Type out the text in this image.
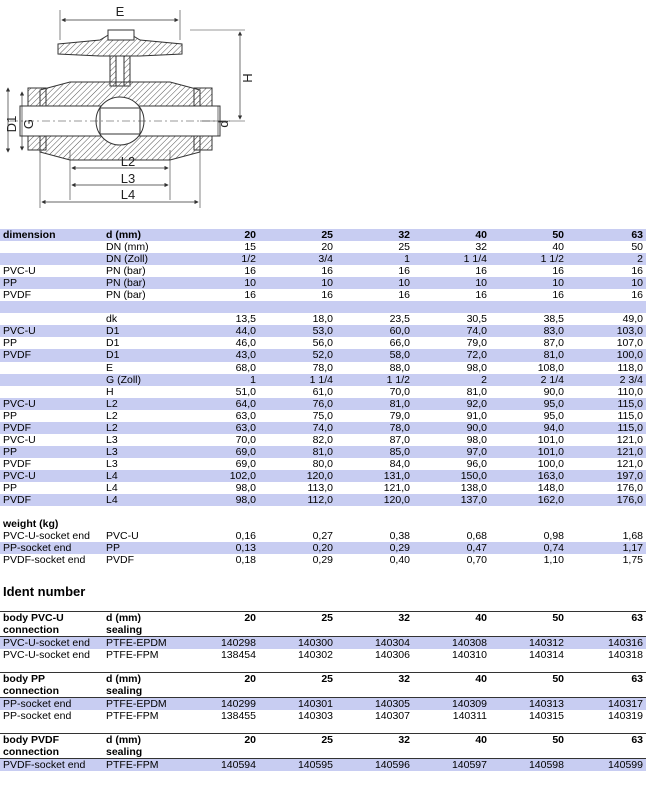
E
H
D1 G	d
L2
L3
L4
dimension	d (mm)	20	25	32	40	50	63
	DN (mm)	15	20	25	32	40	50
	DN (Zoll)	1/2	3/4	1	1 1/4	1 1/2	2
PVC-U	PN (bar)	16	16	16	16	16	16
PP	PN (bar)	10	10	10	10	10	10
PVDF	PN (bar)	16	16	16	16	16	16

	dk	13,5	18,0	23,5	30,5	38,5	49,0
PVC-U	D1	44,0	53,0	60,0	74,0	83,0	103,0
PP	D1	46,0	56,0	66,0	79,0	87,0	107,0
PVDF	D1	43,0	52,0	58,0	72,0	81,0	100,0
	E	68,0	78,0	88,0	98,0	108,0	118,0
	G (Zoll)	1	1 1/4	1 1/2	2	2 1/4	2 3/4
	H	51,0	61,0	70,0	81,0	90,0	110,0
PVC-U	L2	64,0	76,0	81,0	92,0	95,0	115,0
PP	L2	63,0	75,0	79,0	91,0	95,0	115,0
PVDF	L2	63,0	74,0	78,0	90,0	94,0	115,0
PVC-U	L3	70,0	82,0	87,0	98,0	101,0	121,0
PP	L3	69,0	81,0	85,0	97,0	101,0	121,0
PVDF	L3	69,0	80,0	84,0	96,0	100,0	121,0
PVC-U	L4	102,0	120,0	131,0	150,0	163,0	197,0
PP	L4	98,0	113,0	121,0	138,0	148,0	176,0
PVDF	L4	98,0	112,0	120,0	137,0	162,0	176,0

weight (kg)							
PVC-U-socket end	PVC-U	0,16	0,27	0,38	0,68	0,98	1,68
PP-socket end	PP	0,13	0,20	0,29	0,47	0,74	1,17
PVDF-socket end	PVDF	0,18	0,29	0,40	0,70	1,10	1,75
Ident number
body PVC-U	d (mm)	20	25	32	40	50	63
connection	sealing						
PVC-U-socket end	PTFE-EPDM	140298	140300	140304	140308	140312	140316
PVC-U-socket end	PTFE-FPM	138454	140302	140306	140310	140314	140318
body PP	d (mm)	20	25	32	40	50	63
connection	sealing						
PP-socket end	PTFE-EPDM	140299	140301	140305	140309	140313	140317
PP-socket end	PTFE-FPM	138455	140303	140307	140311	140315	140319
body PVDF	d (mm)	20	25	32	40	50	63
connection	sealing						
PVDF-socket end	PTFE-FPM	140594	140595	140596	140597	140598	140599
